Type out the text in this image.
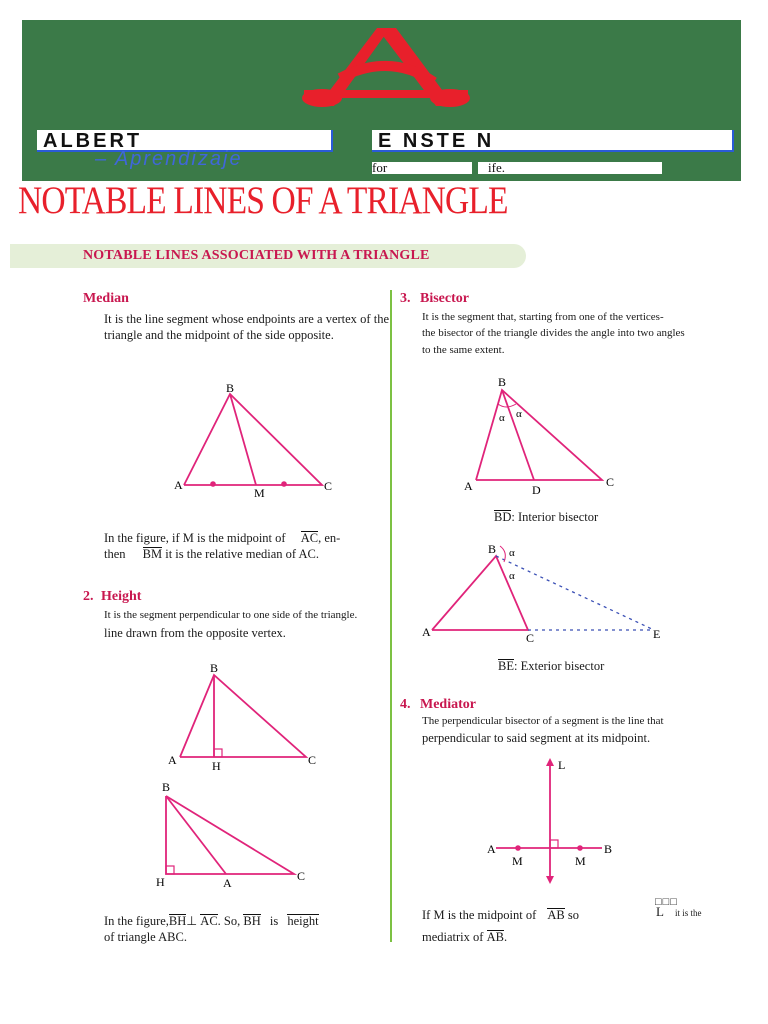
ALBERT	E NSTE N
– Aprendizaje	for	ife.
NOTABLE LINES OF A TRIANGLE
NOTABLE LINES ASSOCIATED WITH A TRIANGLE
Median
It is the line segment whose endpoints are a vertex of the triangle and the midpoint of the side opposite.
B
A	C
M
In the figure, if M is the midpoint of AC, en-
then BM it is the relative median of AC.
2. Height
It is the segment perpendicular to one side of the triangle.
line drawn from the opposite vertex.
B
A	C
H
B
H	A	C
In the figure,BH⊥ AC. So, BH is height
of triangle ABC.
3. Bisector
It is the segment that, starting from one of the vertices-
the bisector of the triangle divides the angle into two angles
to the same extent.
B
A	C
D
α α
BD: Interior bisector
B
A	C	E
α
α
BE: Exterior bisector
4. Mediator
The perpendicular bisector of a segment is the line that
perpendicular to said segment at its midpoint.
L
A	B
M	M
If M is the midpoint of AB so
□□□
L it is the
mediatrix of AB.
